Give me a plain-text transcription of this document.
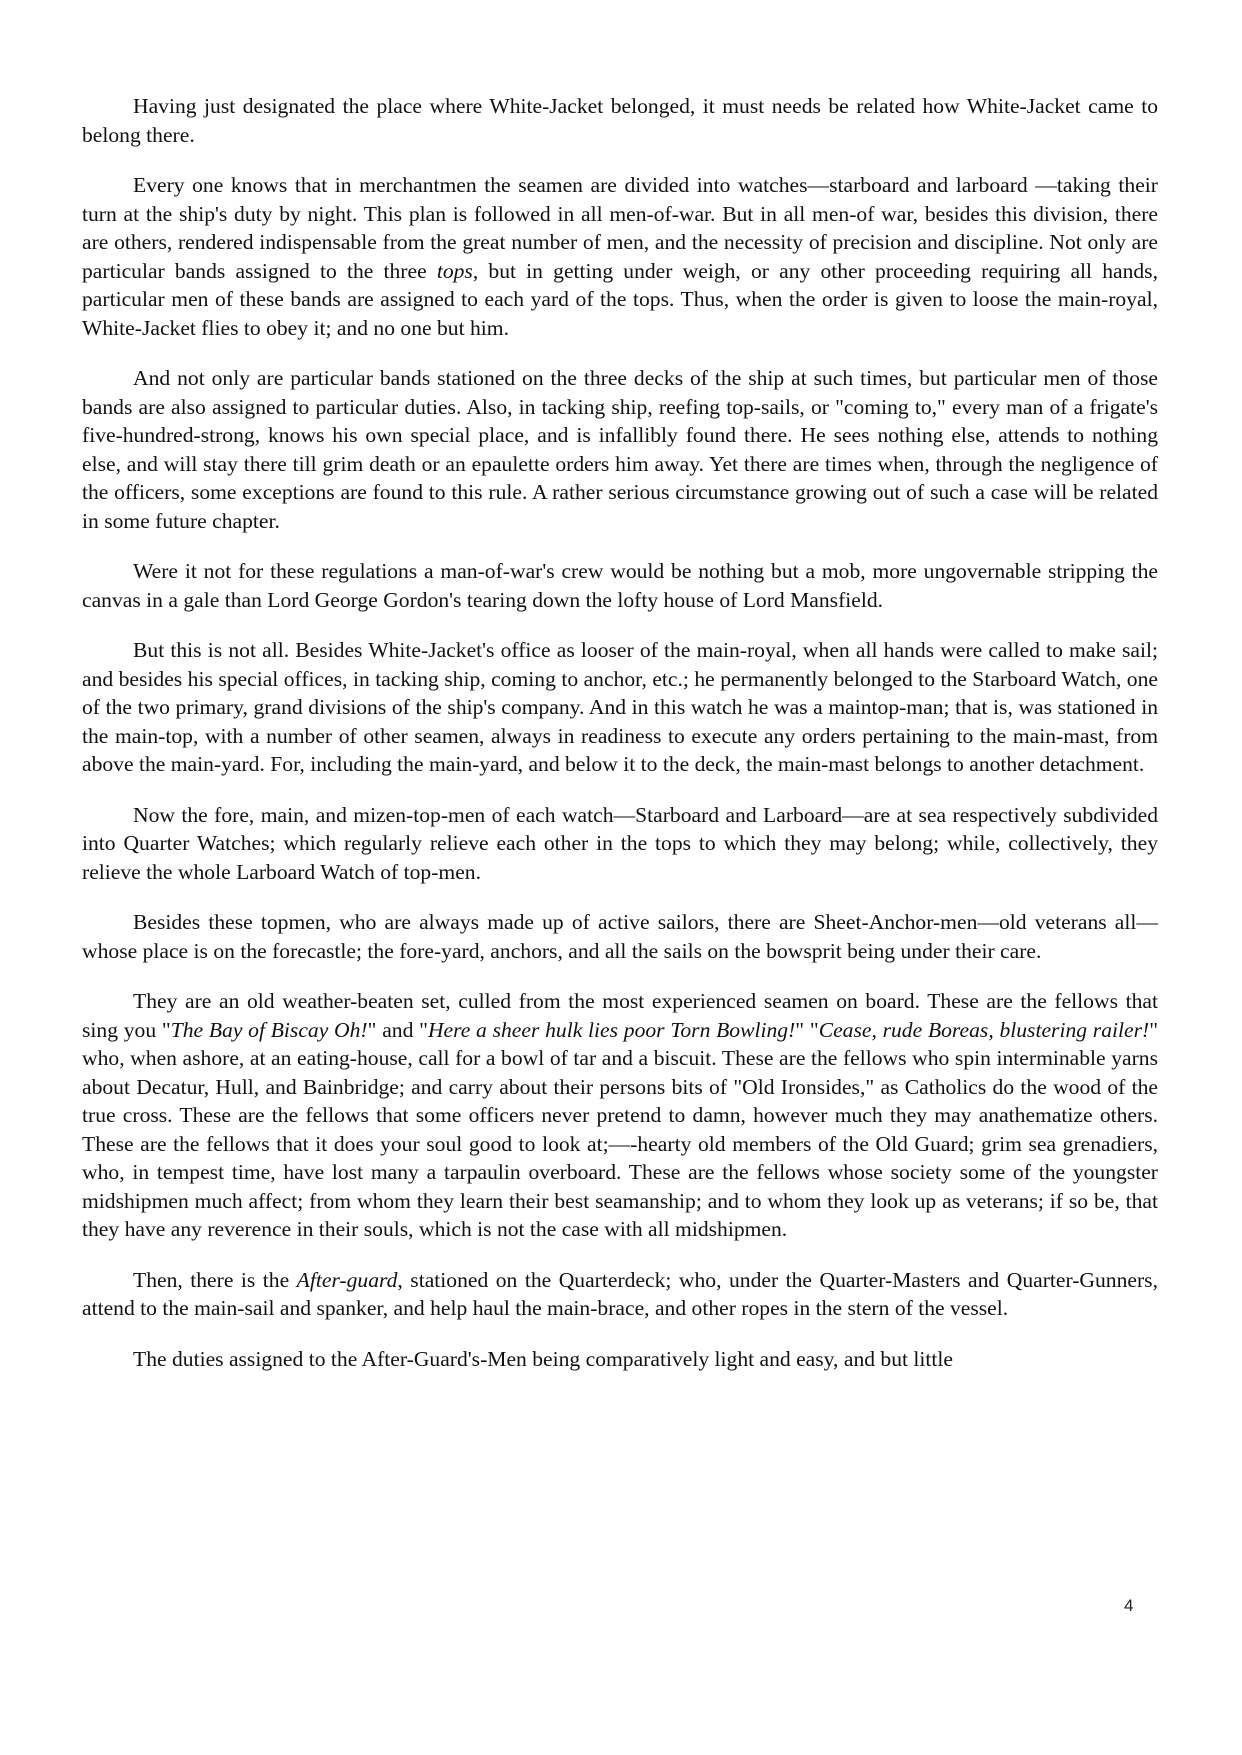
Having just designated the place where White-Jacket belonged, it must needs be related how White-Jacket came to belong there.

Every one knows that in merchantmen the seamen are divided into watches—starboard and larboard —taking their turn at the ship's duty by night. This plan is followed in all men-of-war. But in all men-of war, besides this division, there are others, rendered indispensable from the great number of men, and the necessity of precision and discipline. Not only are particular bands assigned to the three tops, but in getting under weigh, or any other proceeding requiring all hands, particular men of these bands are assigned to each yard of the tops. Thus, when the order is given to loose the main-royal, White-Jacket flies to obey it; and no one but him.

And not only are particular bands stationed on the three decks of the ship at such times, but particular men of those bands are also assigned to particular duties. Also, in tacking ship, reefing top-sails, or "coming to," every man of a frigate's five-hundred-strong, knows his own special place, and is infallibly found there. He sees nothing else, attends to nothing else, and will stay there till grim death or an epaulette orders him away. Yet there are times when, through the negligence of the officers, some exceptions are found to this rule. A rather serious circumstance growing out of such a case will be related in some future chapter.

Were it not for these regulations a man-of-war's crew would be nothing but a mob, more ungovernable stripping the canvas in a gale than Lord George Gordon's tearing down the lofty house of Lord Mansfield.

But this is not all. Besides White-Jacket's office as looser of the main-royal, when all hands were called to make sail; and besides his special offices, in tacking ship, coming to anchor, etc.; he permanently belonged to the Starboard Watch, one of the two primary, grand divisions of the ship's company. And in this watch he was a maintop-man; that is, was stationed in the main-top, with a number of other seamen, always in readiness to execute any orders pertaining to the main-mast, from above the main-yard. For, including the main-yard, and below it to the deck, the main-mast belongs to another detachment.

Now the fore, main, and mizen-top-men of each watch—Starboard and Larboard—are at sea respectively subdivided into Quarter Watches; which regularly relieve each other in the tops to which they may belong; while, collectively, they relieve the whole Larboard Watch of top-men.

Besides these topmen, who are always made up of active sailors, there are Sheet-Anchor-men—old veterans all—whose place is on the forecastle; the fore-yard, anchors, and all the sails on the bowsprit being under their care.

They are an old weather-beaten set, culled from the most experienced seamen on board. These are the fellows that sing you "The Bay of Biscay Oh!" and "Here a sheer hulk lies poor Torn Bowling!" "Cease, rude Boreas, blustering railer!" who, when ashore, at an eating-house, call for a bowl of tar and a biscuit. These are the fellows who spin interminable yarns about Decatur, Hull, and Bainbridge; and carry about their persons bits of "Old Ironsides," as Catholics do the wood of the true cross. These are the fellows that some officers never pretend to damn, however much they may anathematize others. These are the fellows that it does your soul good to look at;—-hearty old members of the Old Guard; grim sea grenadiers, who, in tempest time, have lost many a tarpaulin overboard. These are the fellows whose society some of the youngster midshipmen much affect; from whom they learn their best seamanship; and to whom they look up as veterans; if so be, that they have any reverence in their souls, which is not the case with all midshipmen.

Then, there is the After-guard, stationed on the Quarterdeck; who, under the Quarter-Masters and Quarter-Gunners, attend to the main-sail and spanker, and help haul the main-brace, and other ropes in the stern of the vessel.

The duties assigned to the After-Guard's-Men being comparatively light and easy, and but little

4
